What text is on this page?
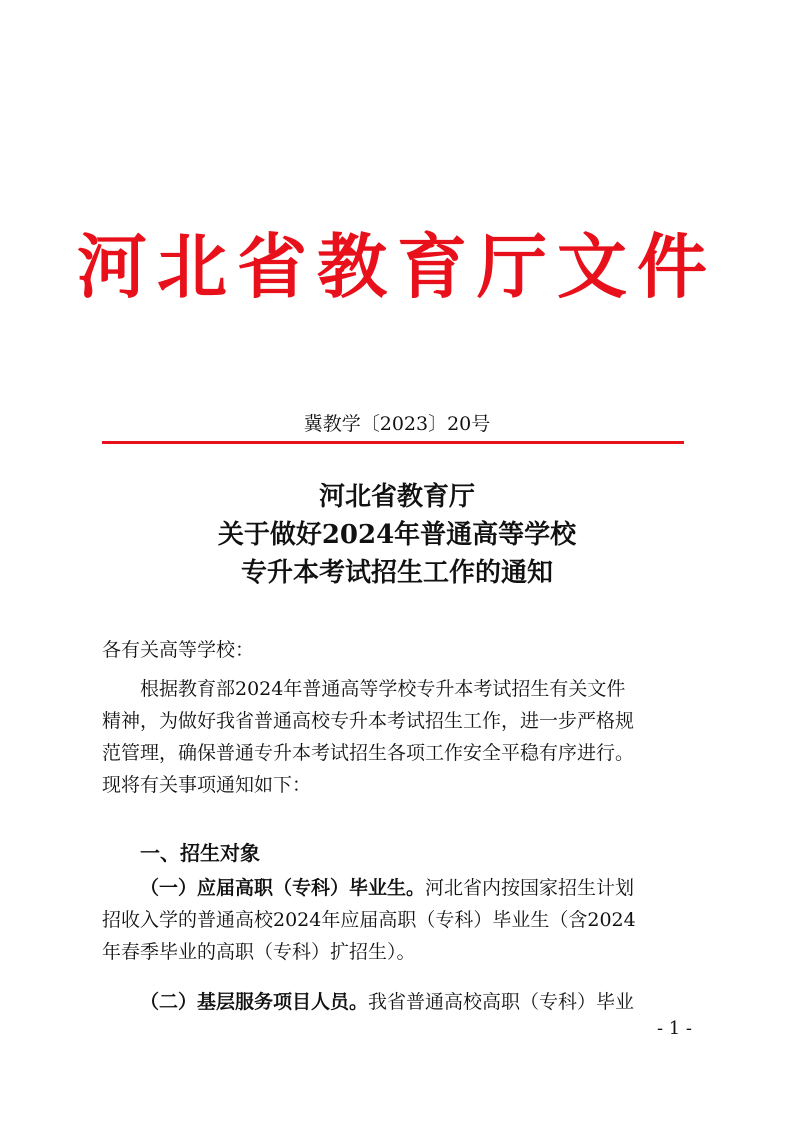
河北省教育厅文件
冀教学〔2023〕20号
河北省教育厅
关于做好2024年普通高等学校
专升本考试招生工作的通知
各有关高等学校：
根据教育部2024年普通高等学校专升本考试招生有关文件
精神，为做好我省普通高校专升本考试招生工作，进一步严格规
范管理，确保普通专升本考试招生各项工作安全平稳有序进行。
现将有关事项通知如下：
一、招生对象
（一）应届高职（专科）毕业生。河北省内按国家招生计划
招收入学的普通高校2024年应届高职（专科）毕业生（含2024
年春季毕业的高职（专科）扩招生）。
（二）基层服务项目人员。我省普通高校高职（专科）毕业
- 1 -
